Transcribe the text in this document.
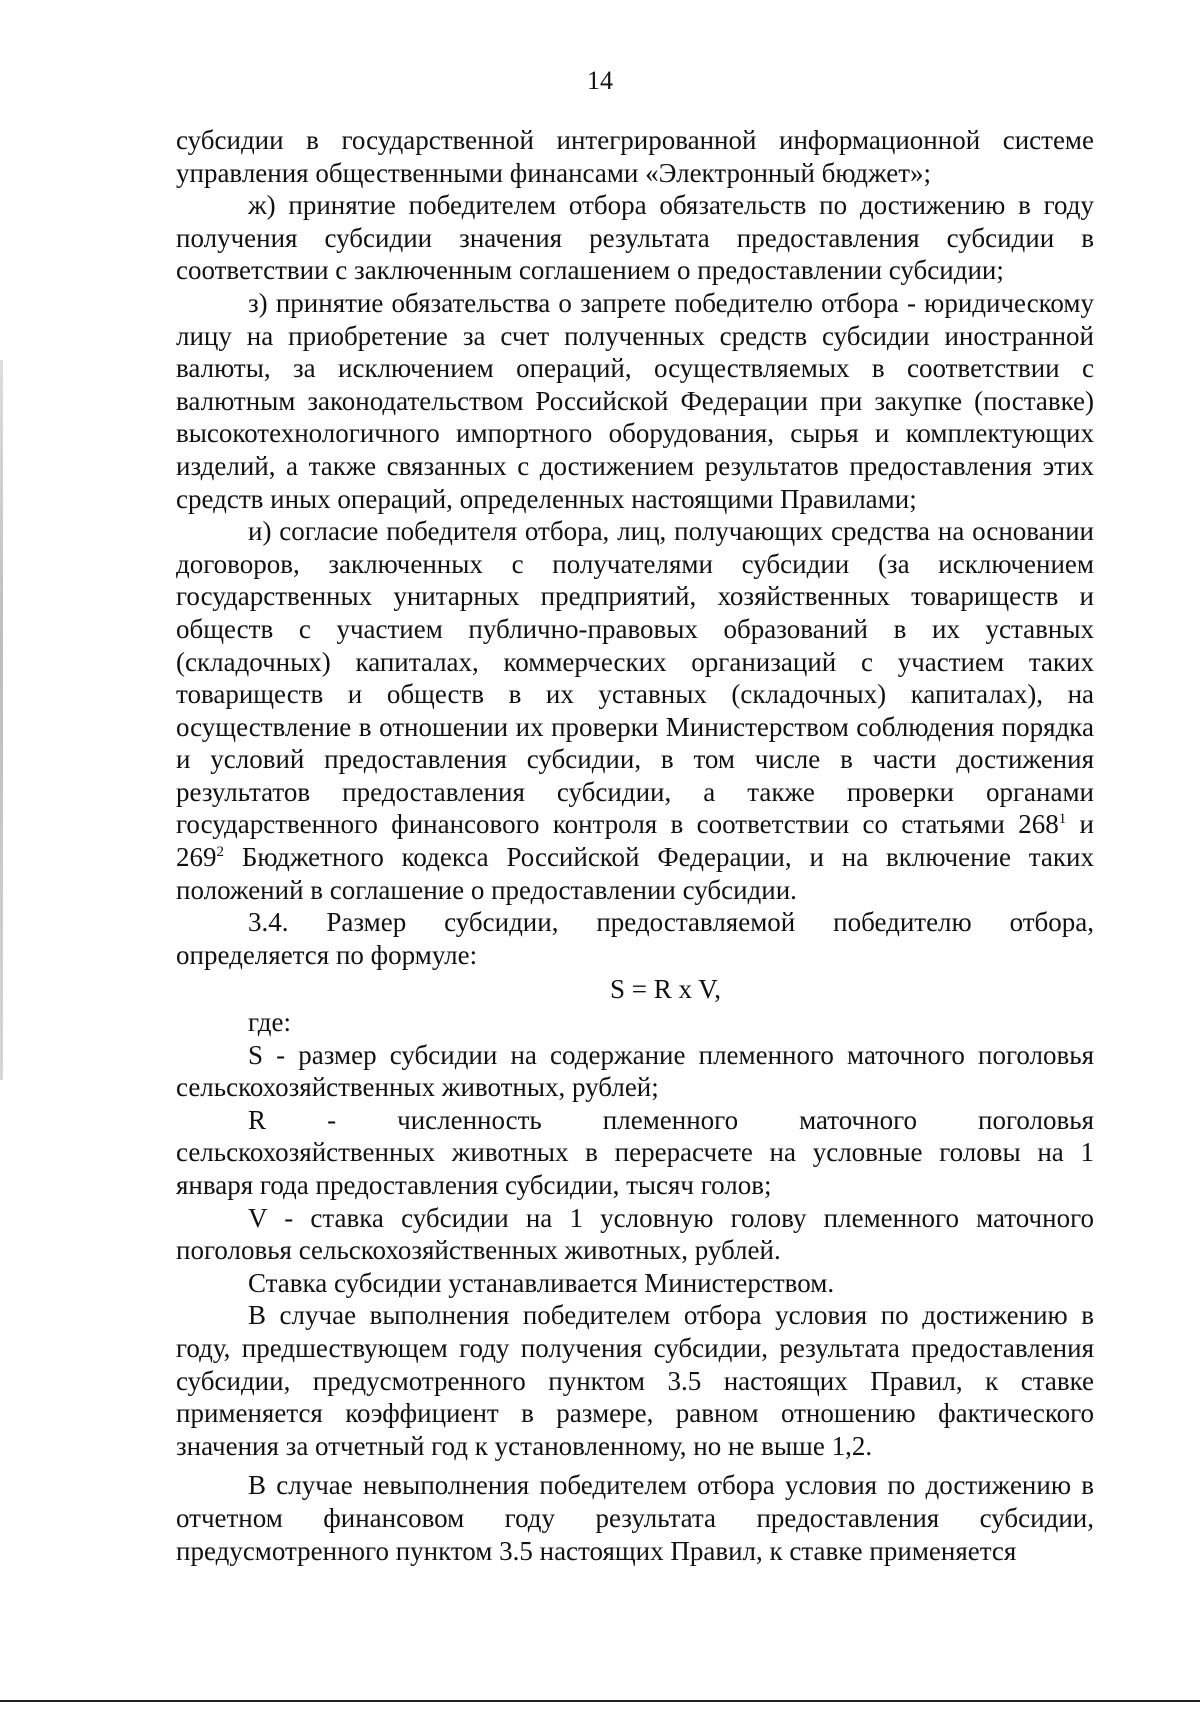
14

субсидии в государственной интегрированной информационной системе управления общественными финансами «Электронный бюджет»;

ж) принятие победителем отбора обязательств по достижению в году получения субсидии значения результата предоставления субсидии в соответствии с заключенным соглашением о предоставлении субсидии;

з) принятие обязательства о запрете победителю отбора - юридическому лицу на приобретение за счет полученных средств субсидии иностранной валюты, за исключением операций, осуществляемых в соответствии с валютным законодательством Российской Федерации при закупке (поставке) высокотехнологичного импортного оборудования, сырья и комплектующих изделий, а также связанных с достижением результатов предоставления этих средств иных операций, определенных настоящими Правилами;

и) согласие победителя отбора, лиц, получающих средства на основании договоров, заключенных с получателями субсидии (за исключением государственных унитарных предприятий, хозяйственных товариществ и обществ с участием публично-правовых образований в их уставных (складочных) капиталах, коммерческих организаций с участием таких товариществ и обществ в их уставных (складочных) капиталах), на осуществление в отношении их проверки Министерством соблюдения порядка и условий предоставления субсидии, в том числе в части достижения результатов предоставления субсидии, а также проверки органами государственного финансового контроля в соответствии со статьями $268^1$ и $269^2$ Бюджетного кодекса Российской Федерации, и на включение таких положений в соглашение о предоставлении субсидии.

3.4. Размер субсидии, предоставляемой победителю отбора, определяется по формуле:

S = R x V,

где:

S - размер субсидии на содержание племенного маточного поголовья сельскохозяйственных животных, рублей;

R - численность племенного маточного поголовья

сельскохозяйственных животных в перерасчете на условные головы на 1 января года предоставления субсидии, тысяч голов;

V - ставка субсидии на 1 условную голову племенного маточного поголовья сельскохозяйственных животных, рублей.

Ставка субсидии устанавливается Министерством.

В случае выполнения победителем отбора условия по достижению в году, предшествующем году получения субсидии, результата предоставления субсидии, предусмотренного пунктом 3.5 настоящих Правил, к ставке применяется коэффициент в размере, равном отношению фактического значения за отчетный год к установленному, но не выше 1,2.

В случае невыполнения победителем отбора условия по достижению в отчетном финансовом году результата предоставления субсидии, предусмотренного пунктом 3.5 настоящих Правил, к ставке применяется
